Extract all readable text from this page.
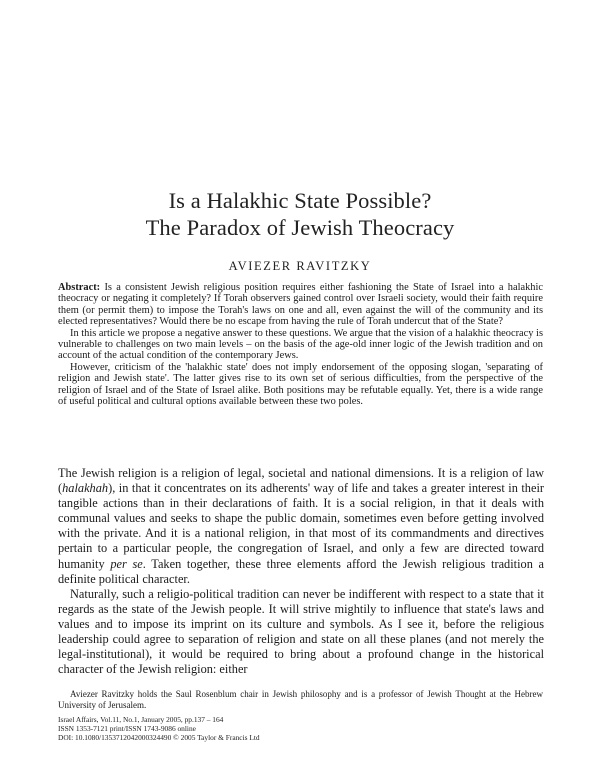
Is a Halakhic State Possible?
The Paradox of Jewish Theocracy
AVIEZER RAVITZKY

Abstract: Is a consistent Jewish religious position requires either fashioning the State of Israel into a halakhic theocracy or negating it completely? If Torah observers gained control over Israeli society, would their faith require them (or permit them) to impose the Torah's laws on one and all, even against the will of the community and its elected representatives? Would there be no escape from having the rule of Torah undercut that of the State?

In this article we propose a negative answer to these questions. We argue that the vision of a halakhic theocracy is vulnerable to challenges on two main levels – on the basis of the age-old inner logic of the Jewish tradition and on account of the actual condition of the contemporary Jews.

However, criticism of the 'halakhic state' does not imply endorsement of the opposing slogan, 'separating of religion and Jewish state'. The latter gives rise to its own set of serious difficulties, from the perspective of the religion of Israel and of the State of Israel alike. Both positions may be refutable equally. Yet, there is a wide range of useful political and cultural options available between these two poles.

The Jewish religion is a religion of legal, societal and national dimensions. It is a religion of law (halakhah), in that it concentrates on its adherents' way of life and takes a greater interest in their tangible actions than in their declarations of faith. It is a social religion, in that it deals with communal values and seeks to shape the public domain, sometimes even before getting involved with the private. And it is a national religion, in that most of its commandments and directives pertain to a particular people, the congregation of Israel, and only a few are directed toward humanity per se. Taken together, these three elements afford the Jewish religious tradition a definite political character.

Naturally, such a religio-political tradition can never be indifferent with respect to a state that it regards as the state of the Jewish people. It will strive mightily to influence that state's laws and values and to impose its imprint on its culture and symbols. As I see it, before the religious leadership could agree to separation of religion and state on all these planes (and not merely the legal-institutional), it would be required to bring about a profound change in the historical character of the Jewish religion: either

Aviezer Ravitzky holds the Saul Rosenblum chair in Jewish philosophy and is a professor of Jewish Thought at the Hebrew University of Jerusalem.
Israel Affairs, Vol.11, No.1, January 2005, pp.137 – 164
ISSN 1353-7121 print/ISSN 1743-9086 online
DOI: 10.1080/1353712042000324490 © 2005 Taylor & Francis Ltd
